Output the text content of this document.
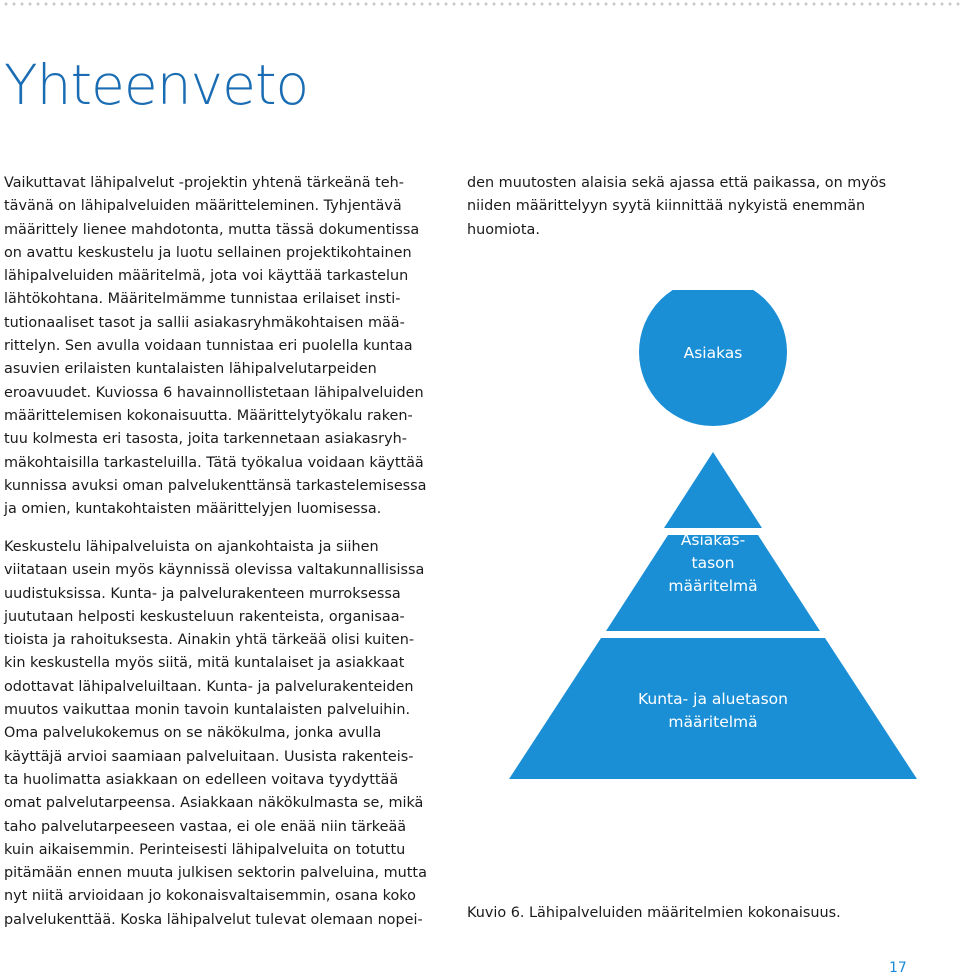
Yhteenveto

Vaikuttavat lähipalvelut -projektin yhtenä tärkeänä teh-
tävänä on lähipalveluiden määritteleminen. Tyhjentävä
määrittely lienee mahdotonta, mutta tässä dokumentissa
on avattu keskustelu ja luotu sellainen projektikohtainen
lähipalveluiden määritelmä, jota voi käyttää tarkastelun
lähtökohtana. Määritelmämme tunnistaa erilaiset insti-
tutionaaliset tasot ja sallii asiakasryhmäkohtaisen mää-
rittelyn. Sen avulla voidaan tunnistaa eri puolella kuntaa
asuvien erilaisten kuntalaisten lähipalvelutarpeiden
eroavuudet. Kuviossa 6 havainnollistetaan lähipalveluiden
määrittelemisen kokonaisuutta. Määrittelytyökalu raken-
tuu kolmesta eri tasosta, joita tarkennetaan asiakasryh-
mäkohtaisilla tarkasteluilla. Tätä työkalua voidaan käyttää
kunnissa avuksi oman palvelukenttänsä tarkastelemisessa
ja omien, kuntakohtaisten määrittelyjen luomisessa.

Keskustelu lähipalveluista on ajankohtaista ja siihen
viitataan usein myös käynnissä olevissa valtakunnallisissa
uudistuksissa. Kunta- ja palvelurakenteen murroksessa
juututaan helposti keskusteluun rakenteista, organisaa-
tioista ja rahoituksesta. Ainakin yhtä tärkeää olisi kuiten-
kin keskustella myös siitä, mitä kuntalaiset ja asiakkaat
odottavat lähipalveluiltaan. Kunta- ja palvelurakenteiden
muutos vaikuttaa monin tavoin kuntalaisten palveluihin.
Oma palvelukokemus on se näkökulma, jonka avulla
käyttäjä arvioi saamiaan palveluitaan. Uusista rakenteis-
ta huolimatta asiakkaan on edelleen voitava tyydyttää
omat palvelutarpeensa. Asiakkaan näkökulmasta se, mikä
taho palvelutarpeeseen vastaa, ei ole enää niin tärkeää
kuin aikaisemmin. Perinteisesti lähipalveluita on totuttu
pitämään ennen muuta julkisen sektorin palveluina, mutta
nyt niitä arvioidaan jo kokonaisvaltaisemmin, osana koko
palvelukenttää. Koska lähipalvelut tulevat olemaan nopei-

den muutosten alaisia sekä ajassa että paikassa, on myös
niiden määrittelyyn syytä kiinnittää nykyistä enemmän
huomiota.

Asiakas
Asiakas-
tason
määritelmä
Kunta- ja aluetason
määritelmä
Valtakunnalliset
määritelmä

Kuvio 6. Lähipalveluiden määritelmien kokonaisuus.

17
